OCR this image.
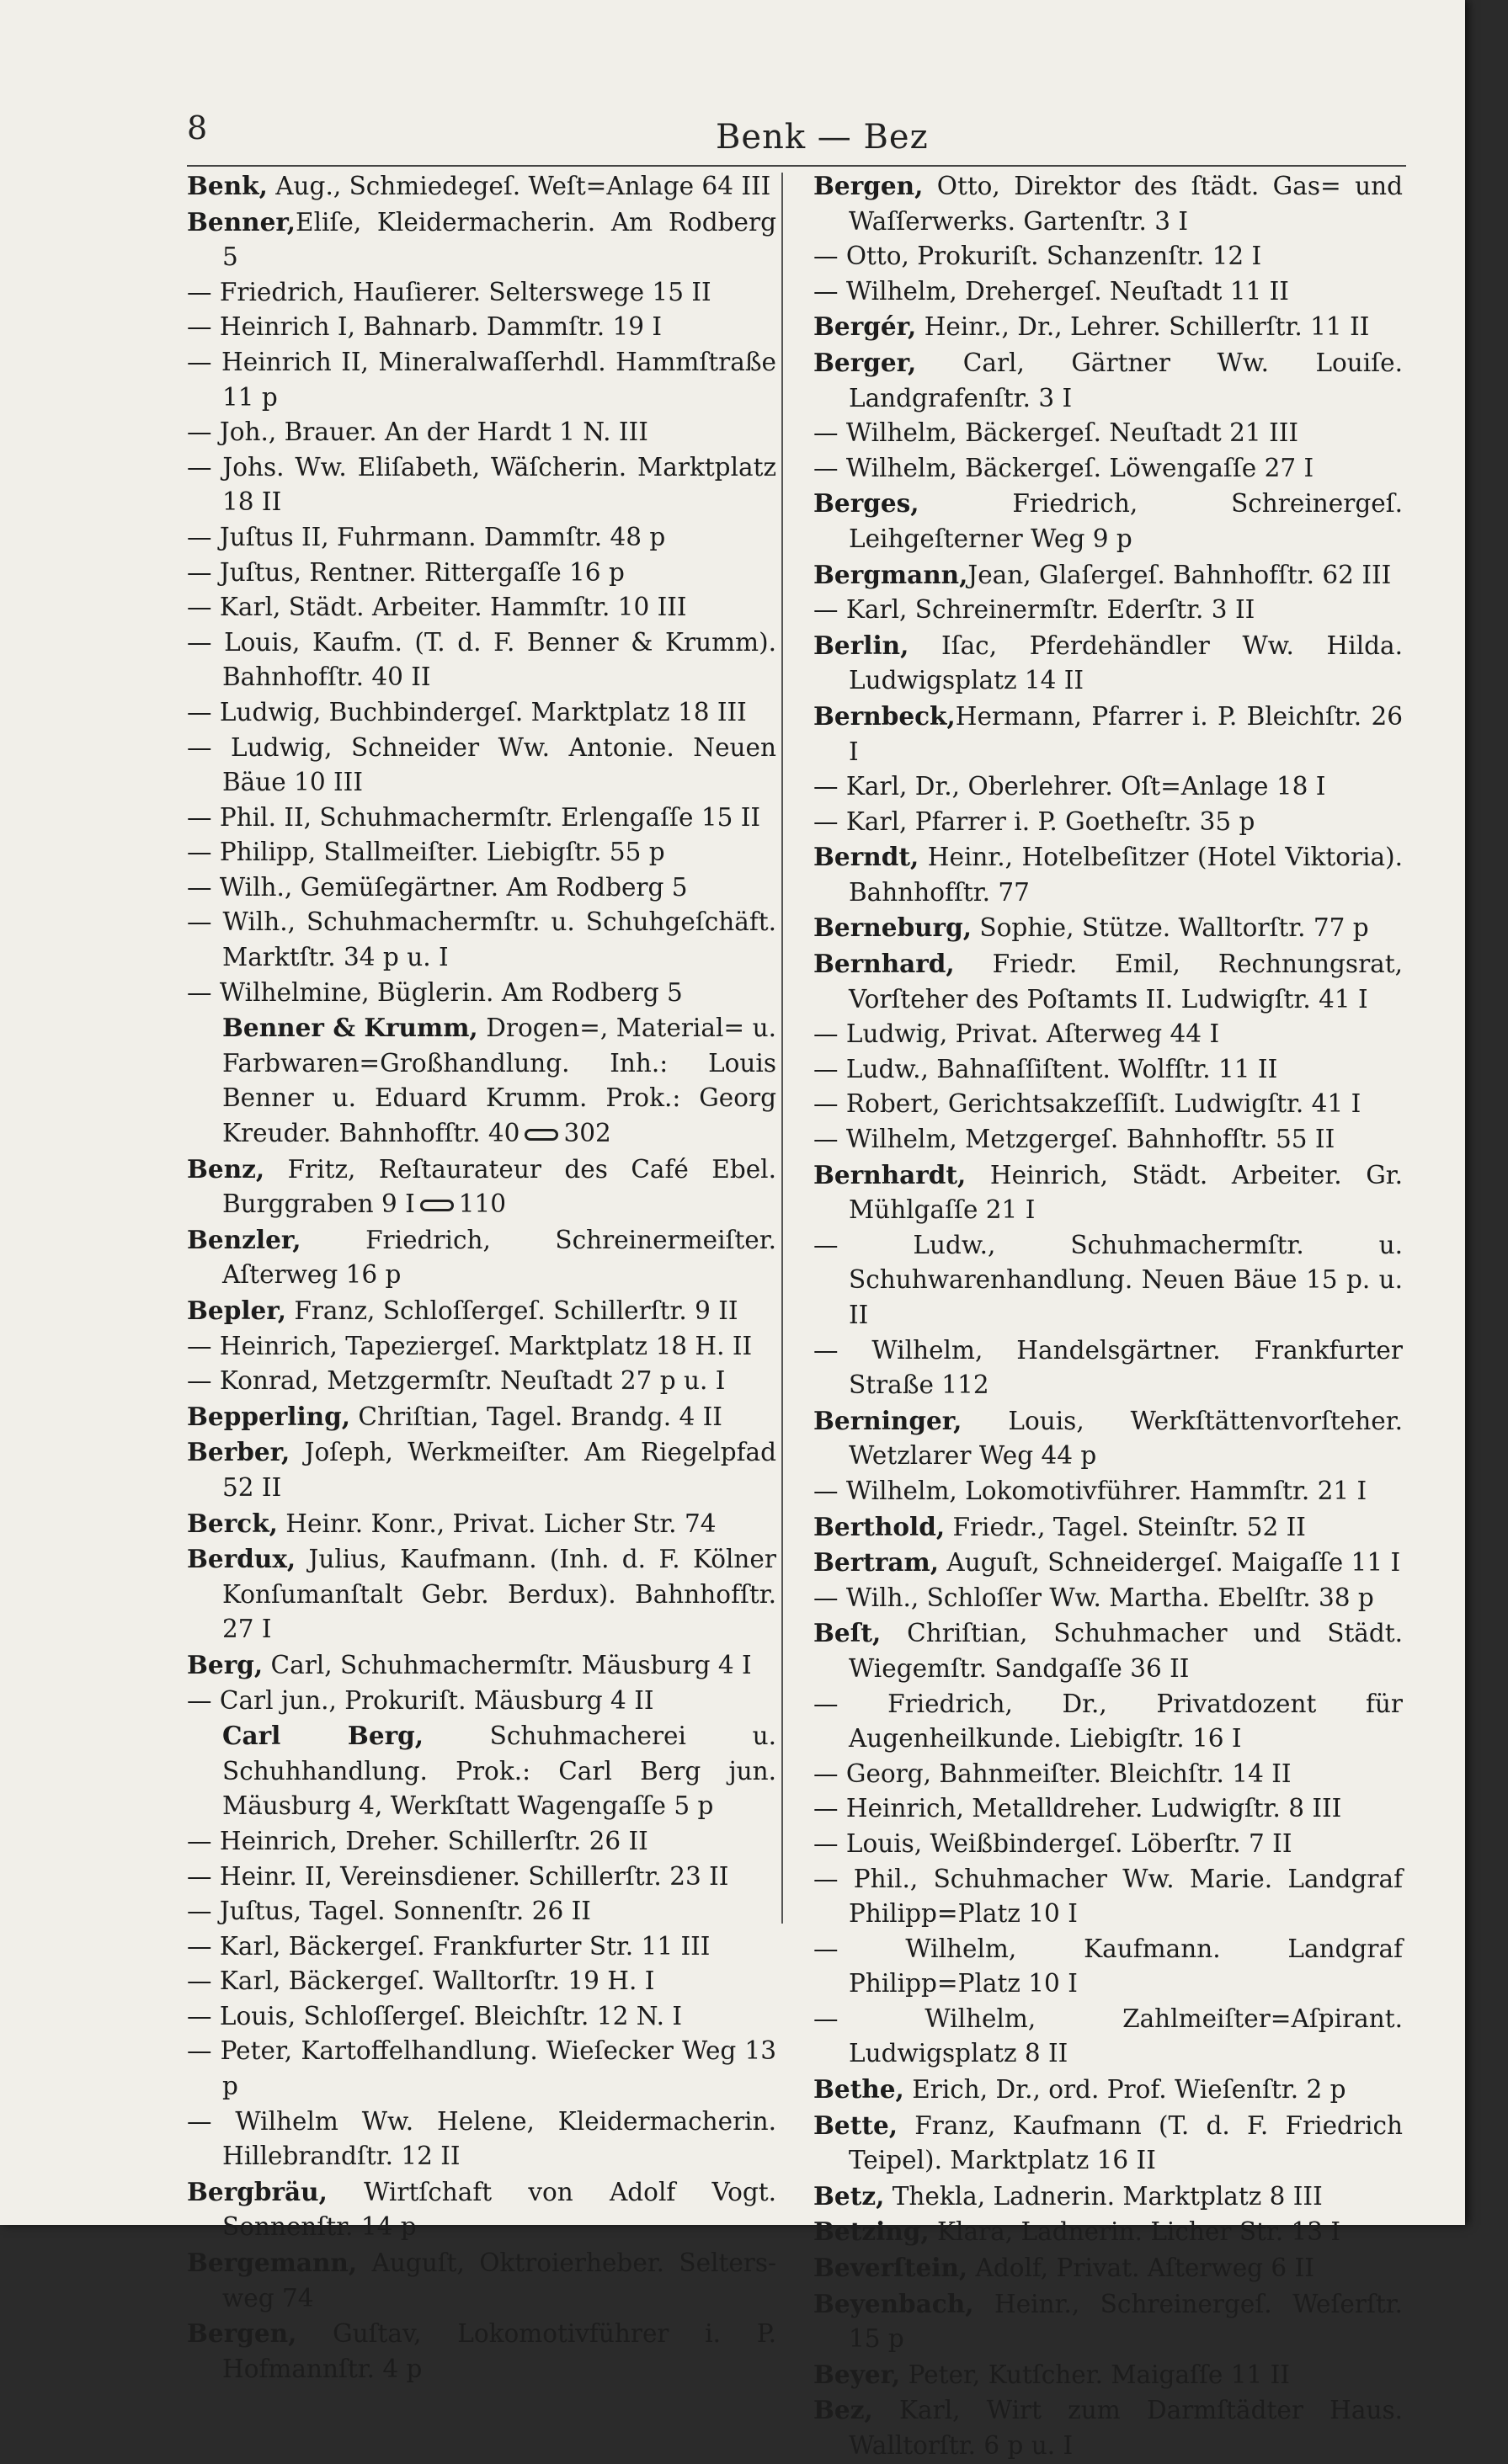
8	Benk — Bez
Benk, Aug., Schmiedegeſ. Weſt=Anlage 64 III
Benner,Eliſe, Kleidermacherin. Am Rodberg 5
— Friedrich, Hauſierer. Selterswege 15 II
— Heinrich I, Bahnarb. Dammſtr. 19 I
— Heinrich II, Mineralwaſſerhdl. Hammſtraße 11 p
— Joh., Brauer. An der Hardt 1 N. III
— Johs. Ww. Eliſabeth, Wäſcherin. Marktplatz 18 II
— Juſtus II, Fuhrmann. Dammſtr. 48 p
— Juſtus, Rentner. Rittergaſſe 16 p
— Karl, Städt. Arbeiter. Hammſtr. 10 III
— Louis, Kaufm. (T. d. F. Benner & Krumm). Bahnhofſtr. 40 II
— Ludwig, Buchbindergeſ. Marktplatz 18 III
— Ludwig, Schneider Ww. Antonie. Neuen Bäue 10 III
— Phil. II, Schuhmachermſtr. Erlengaſſe 15 II
— Philipp, Stallmeiſter. Liebigſtr. 55 p
— Wilh., Gemüſegärtner. Am Rodberg 5
— Wilh., Schuhmachermſtr. u. Schuhgeſchäft. Marktſtr. 34 p u. I
— Wilhelmine, Büglerin. Am Rodberg 5
Benner & Krumm, Drogen=, Material= u. Farbwaren=Großhandlung. Inh.: Louis Benner u. Eduard Krumm. Prok.: Georg Kreuder. Bahnhofſtr. 40 302
Benz, Fritz, Reſtaurateur des Café Ebel. Burggraben 9 I 110
Benzler, Friedrich, Schreinermeiſter. Aſterweg 16 p
Bepler, Franz, Schloſſergeſ. Schillerſtr. 9 II
— Heinrich, Tapeziergeſ. Marktplatz 18 H. II
— Konrad, Metzgermſtr. Neuſtadt 27 p u. I
Bepperling, Chriſtian, Tagel. Brandg. 4 II
Berber, Joſeph, Werkmeiſter. Am Riegelpfad 52 II
Berck, Heinr. Konr., Privat. Licher Str. 74
Berdux, Julius, Kaufmann. (Inh. d. F. Kölner Konſumanſtalt Gebr. Berdux). Bahnhofſtr. 27 I
Berg, Carl, Schuhmachermſtr. Mäusburg 4 I
— Carl jun., Prokuriſt. Mäusburg 4 II
Carl Berg, Schuhmacherei u. Schuhhandlung. Prok.: Carl Berg jun. Mäusburg 4, Werkſtatt Wagengaſſe 5 p
— Heinrich, Dreher. Schillerſtr. 26 II
— Heinr. II, Vereinsdiener. Schillerſtr. 23 II
— Juſtus, Tagel. Sonnenſtr. 26 II
— Karl, Bäckergeſ. Frankfurter Str. 11 III
— Karl, Bäckergeſ. Walltorſtr. 19 H. I
— Louis, Schloſſergeſ. Bleichſtr. 12 N. I
— Peter, Kartoffelhandlung. Wieſecker Weg 13 p
— Wilhelm Ww. Helene, Kleidermacherin. Hillebrandſtr. 12 II
Bergbräu, Wirtſchaft von Adolf Vogt. Sonnenſtr. 14 p
Bergemann, Auguſt, Oktroierheber. Seltersweg 74
Bergen, Guſtav, Lokomotivführer i. P. Hofmannſtr. 4 p
Bergen, Otto, Direktor des ſtädt. Gas= und Waſſerwerks. Gartenſtr. 3 I
— Otto, Prokuriſt. Schanzenſtr. 12 I
— Wilhelm, Drehergeſ. Neuſtadt 11 II
Bergér, Heinr., Dr., Lehrer. Schillerſtr. 11 II
Berger, Carl, Gärtner Ww. Louiſe. Landgrafenſtr. 3 I
— Wilhelm, Bäckergeſ. Neuſtadt 21 III
— Wilhelm, Bäckergeſ. Löwengaſſe 27 I
Berges, Friedrich, Schreinergeſ. Leihgeſterner Weg 9 p
Bergmann,Jean, Glaſergeſ. Bahnhofſtr. 62 III
— Karl, Schreinermſtr. Ederſtr. 3 II
Berlin, Iſac, Pferdehändler Ww. Hilda. Ludwigsplatz 14 II
Bernbeck,Hermann, Pfarrer i. P. Bleichſtr. 26 I
— Karl, Dr., Oberlehrer. Oſt=Anlage 18 I
— Karl, Pfarrer i. P. Goetheſtr. 35 p
Berndt, Heinr., Hotelbeſitzer (Hotel Viktoria). Bahnhofſtr. 77
Berneburg, Sophie, Stütze. Walltorſtr. 77 p
Bernhard, Friedr. Emil, Rechnungsrat, Vorſteher des Poſtamts II. Ludwigſtr. 41 I
— Ludwig, Privat. Aſterweg 44 I
— Ludw., Bahnaſſiſtent. Wolfſtr. 11 II
— Robert, Gerichtsakzeſſiſt. Ludwigſtr. 41 I
— Wilhelm, Metzgergeſ. Bahnhofſtr. 55 II
Bernhardt, Heinrich, Städt. Arbeiter. Gr. Mühlgaſſe 21 I
— Ludw., Schuhmachermſtr. u. Schuhwarenhandlung. Neuen Bäue 15 p. u. II
— Wilhelm, Handelsgärtner. Frankfurter Straße 112
Berninger, Louis, Werkſtättenvorſteher. Wetzlarer Weg 44 p
— Wilhelm, Lokomotivführer. Hammſtr. 21 I
Berthold, Friedr., Tagel. Steinſtr. 52 II
Bertram, Auguſt, Schneidergeſ. Maigaſſe 11 I
— Wilh., Schloſſer Ww. Martha. Ebelſtr. 38 p
Beſt, Chriſtian, Schuhmacher und Städt. Wiegemſtr. Sandgaſſe 36 II
— Friedrich, Dr., Privatdozent für Augenheilkunde. Liebigſtr. 16 I
— Georg, Bahnmeiſter. Bleichſtr. 14 II
— Heinrich, Metalldreher. Ludwigſtr. 8 III
— Louis, Weißbindergeſ. Löberſtr. 7 II
— Phil., Schuhmacher Ww. Marie. Landgraf Philipp=Platz 10 I
— Wilhelm, Kaufmann. Landgraf Philipp=Platz 10 I
— Wilhelm, Zahlmeiſter=Aſpirant. Ludwigsplatz 8 II
Bethe, Erich, Dr., ord. Prof. Wieſenſtr. 2 p
Bette, Franz, Kaufmann (T. d. F. Friedrich Teipel). Marktplatz 16 II
Betz, Thekla, Ladnerin. Marktplatz 8 III
Betzing, Klara, Ladnerin. Licher Str. 13 I
Beverſtein, Adolf, Privat. Aſterweg 6 II
Beyenbach, Heinr., Schreinergeſ. Weſerſtr. 15 p
Beyer, Peter, Kutſcher. Maigaſſe 11 II
Bez, Karl, Wirt zum Darmſtädter Haus. Walltorſtr. 6 p u. I
